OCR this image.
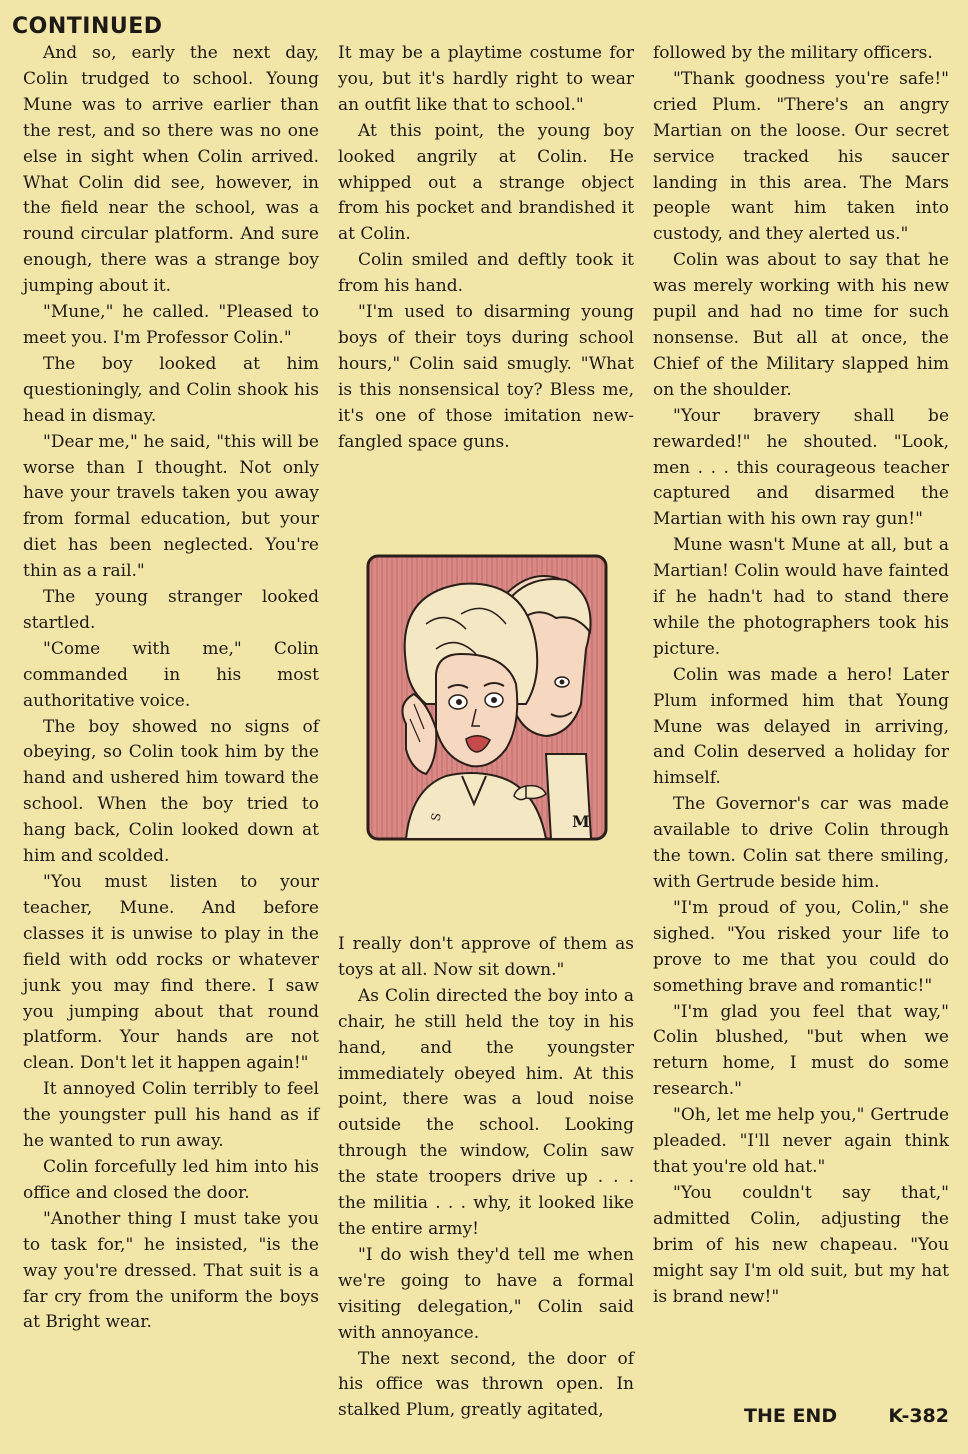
CONTINUED

And so, early the next day, Colin trudged to school. Young Mune was to arrive earlier than the rest, and so there was no one else in sight when Colin arrived. What Colin did see, however, in the field near the school, was a round circular platform. And sure enough, there was a strange boy jumping about it.

"Mune," he called. "Pleased to meet you. I'm Professor Colin."

The boy looked at him questioningly, and Colin shook his head in dismay.

"Dear me," he said, "this will be worse than I thought. Not only have your travels taken you away from formal education, but your diet has been neglected. You're thin as a rail."

The young stranger looked startled.

"Come with me," Colin commanded in his most authoritative voice.

The boy showed no signs of obeying, so Colin took him by the hand and ushered him toward the school. When the boy tried to hang back, Colin looked down at him and scolded.

"You must listen to your teacher, Mune. And before classes it is unwise to play in the field with odd rocks or whatever junk you may find there. I saw you jumping about that round platform. Your hands are not clean. Don't let it happen again!"

It annoyed Colin terribly to feel the youngster pull his hand as if he wanted to run away.

Colin forcefully led him into his office and closed the door.

"Another thing I must take you to task for," he insisted, "is the way you're dressed. That suit is a far cry from the uniform the boys at Bright wear.

It may be a playtime costume for you, but it's hardly right to wear an outfit like that to school."

At this point, the young boy looked angrily at Colin. He whipped out a strange object from his pocket and brandished it at Colin.

Colin smiled and deftly took it from his hand.

"I'm used to disarming young boys of their toys during school hours," Colin said smugly. "What is this nonsensical toy? Bless me, it's one of those imitation new-fangled space guns.

S	M

I really don't approve of them as toys at all. Now sit down."

As Colin directed the boy into a chair, he still held the toy in his hand, and the youngster immediately obeyed him. At this point, there was a loud noise outside the school. Looking through the window, Colin saw the state troopers drive up . . . the militia . . . why, it looked like the entire army!

"I do wish they'd tell me when we're going to have a formal visiting delegation," Colin said with annoyance.

The next second, the door of his office was thrown open. In stalked Plum, greatly agitated,

followed by the military officers.

"Thank goodness you're safe!" cried Plum. "There's an angry Martian on the loose. Our secret service tracked his saucer landing in this area. The Mars people want him taken into custody, and they alerted us."

Colin was about to say that he was merely working with his new pupil and had no time for such nonsense. But all at once, the Chief of the Military slapped him on the shoulder.

"Your bravery shall be rewarded!" he shouted. "Look, men . . . this courageous teacher captured and disarmed the Martian with his own ray gun!"

Mune wasn't Mune at all, but a Martian! Colin would have fainted if he hadn't had to stand there while the photographers took his picture.

Colin was made a hero! Later Plum informed him that Young Mune was delayed in arriving, and Colin deserved a holiday for himself.

The Governor's car was made available to drive Colin through the town. Colin sat there smiling, with Gertrude beside him.

"I'm proud of you, Colin," she sighed. "You risked your life to prove to me that you could do something brave and romantic!"

"I'm glad you feel that way," Colin blushed, "but when we return home, I must do some research."

"Oh, let me help you," Gertrude pleaded. "I'll never again think that you're old hat."

"You couldn't say that," admitted Colin, adjusting the brim of his new chapeau. "You might say I'm old suit, but my hat is brand new!"

THE END	K-382
